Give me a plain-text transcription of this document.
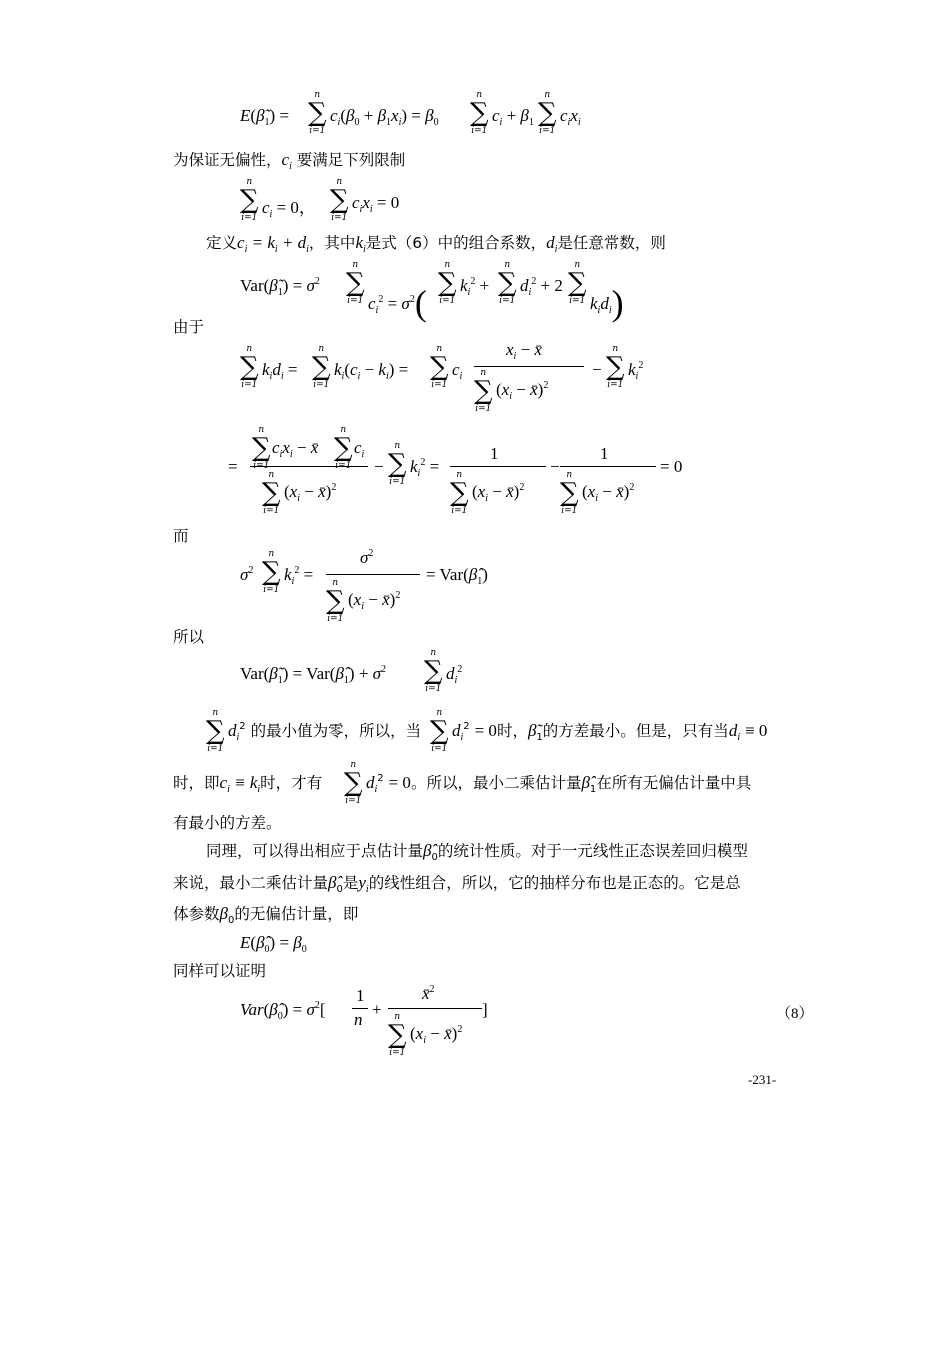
$E(\betã_1)$ =
n
∑
i=1
$c_i(\beta_0 + \beta_1x_i) = \beta_0$
n
∑
i=1
$c_i + \beta_1$
n
∑
i=1
$c_ix_i$
为保证无偏性，$c_i$ 要满足下列限制
n
∑
i=1
$c_i = 0$，
n
∑
i=1
$c_ix_i = 0$
定义$c_i = k_i + d_i$，其中$k_i$是式（6）中的组合系数，$d_i$是任意常数，则
$Var(\betã_1) = \sigma^2$
n
∑
i=1 $c_i^2 = \sigma^2$(
n
∑
i=1
$k_i^2$ +
n
∑
i=1
$d_i^2 + 2$
n
∑
i=1 $k_id_i$)
由于
n
∑
i=1
$k_id_i$ =
n
∑
i=1
$k_i(c_i - k_i)$ =
n
∑
i=1
$c_i$
$x_i$ − x̄
n
∑
i=1
($x_i$ − x̄)$^2$
−
n
∑
i=1
$k_i^2$
=
n
∑
i=1
$c_ix_i$ − x̄
n
∑
i=1
$c_i$
n
∑
i=1
($x_i$ − x̄)$^2$
−
n
∑
i=1
$k_i^2$ =
1
n
∑
i=1
($x_i$ − x̄)$^2$
−
1
n
∑
i=1
($x_i$ − x̄)$^2$
= 0
而
$\sigma^2$
n
∑
i=1
$k_i^2$ =
$\sigma^2$
n
∑
i=1
($x_i$ − x̄)$^2$
= $Var(\betâ_1)$
所以
$Var(\betã_1)$ = $Var(\betâ_1) + \sigma^2$
n
∑
i=1
$d_i^2$
n
∑
i=1
$d_i^2$ 的最小值为零，所以，当
n
∑
i=1
$d_i^2 = 0$时，$\betã_1$的方差最小。但是，只有当$d_i \equiv 0$
时，即$c_i \equiv k_i$时，才有
n
∑
i=1
$d_i^2 = 0$。所以，最小二乘估计量$\betâ_1$在所有无偏估计量中具
有最小的方差。
同理，可以得出相应于点估计量$\betâ_0$的统计性质。对于一元线性正态误差回归模型
来说，最小二乘估计量$\betâ_0$是$y_i$的线性组合，所以，它的抽样分布也是正态的。它是总
体参数$\beta_0$的无偏估计量，即
$E(\betâ_0) = \beta_0$
同样可以证明
$Var(\betâ_0) = \sigma^2$[
1
n
+
x̄$^2$
n
∑
i=1
($x_i$ − x̄)$^2$
]	（8）
-231-
